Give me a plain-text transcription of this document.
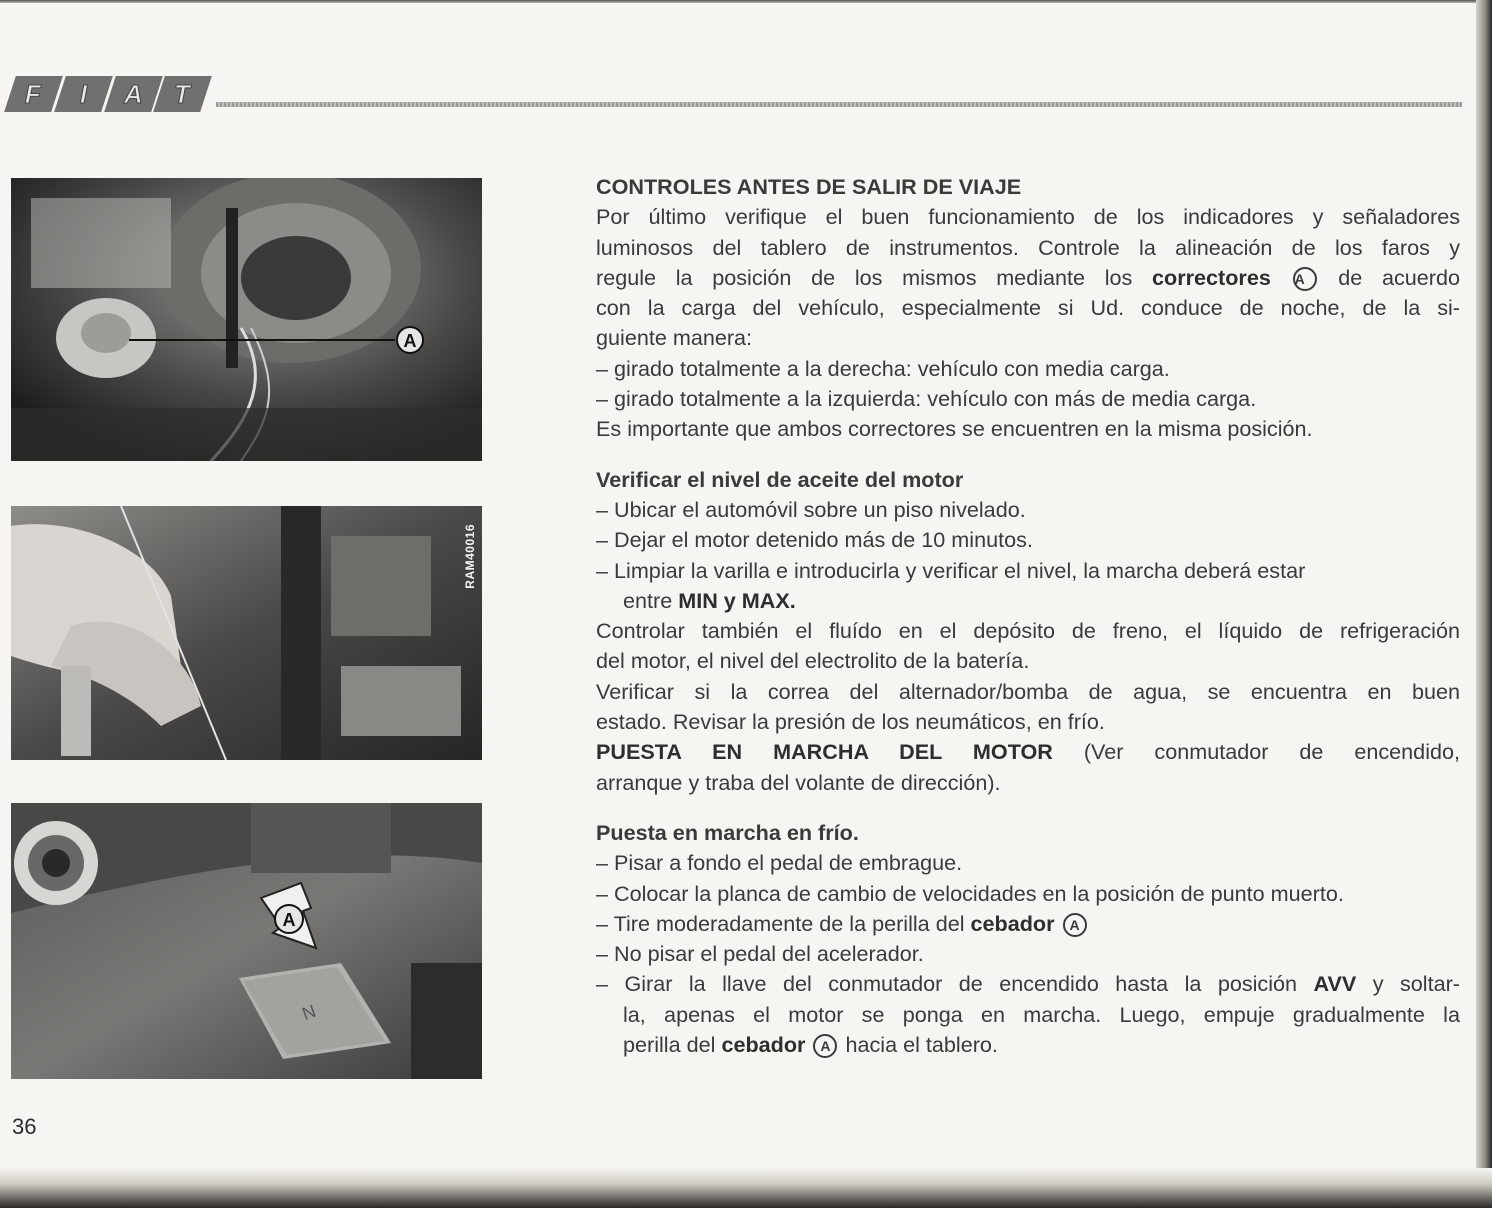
F I A T
A
RAM40016
N
A
CONTROLES ANTES DE SALIR DE VIAJE

Por último verifique el buen funcionamiento de los indicadores y señaladores

luminosos del tablero de instrumentos. Controle la alineación de los faros y

regule la posición de los mismos mediante los correctores A de acuerdo

con la carga del vehículo, especialmente si Ud. conduce de noche, de la si-

guiente manera:

– girado totalmente a la derecha: vehículo con media carga.

– girado totalmente a la izquierda: vehículo con más de media carga.

Es importante que ambos correctores se encuentren en la misma posición.

Verificar el nivel de aceite del motor

– Ubicar el automóvil sobre un piso nivelado.

– Dejar el motor detenido más de 10 minutos.

– Limpiar la varilla e introducirla y verificar el nivel, la marcha deberá estar

entre MIN y MAX.

Controlar también el fluído en el depósito de freno, el líquido de refrigeración

del motor, el nivel del electrolito de la batería.

Verificar si la correa del alternador/bomba de agua, se encuentra en buen

estado. Revisar la presión de los neumáticos, en frío.

PUESTA EN MARCHA DEL MOTOR (Ver conmutador de encendido,

arranque y traba del volante de dirección).

Puesta en marcha en frío.

– Pisar a fondo el pedal de embrague.

– Colocar la planca de cambio de velocidades en la posición de punto muerto.

– Tire moderadamente de la perilla del cebador A

– No pisar el pedal del acelerador.

– Girar la llave del conmutador de encendido hasta la posición AVV y soltar-

la, apenas el motor se ponga en marcha. Luego, empuje gradualmente la

perilla del cebador A hacia el tablero.

36
